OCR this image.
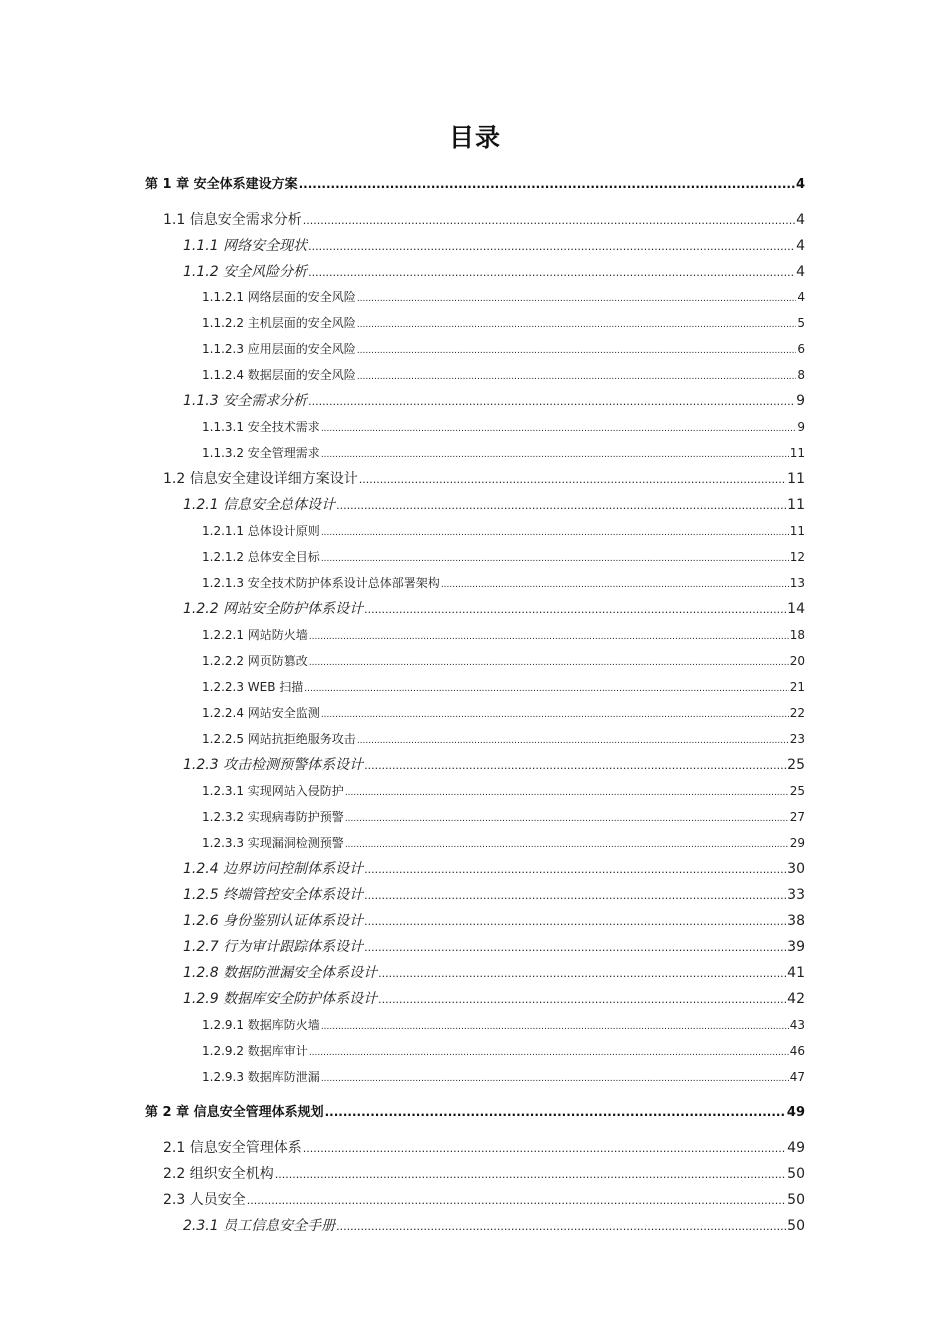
目录
第 1 章 安全体系建设方案 .....	4
1.1 信息安全需求分析 .....	4
1.1.1 网络安全现状 .....	4
1.1.2 安全风险分析 .....	4
1.1.2.1 网络层面的安全风险 .....	4
1.1.2.2 主机层面的安全风险 .....	5
1.1.2.3 应用层面的安全风险 .....	6
1.1.2.4 数据层面的安全风险 .....	8
1.1.3 安全需求分析 .....	9
1.1.3.1 安全技术需求 .....	9
1.1.3.2 安全管理需求 .....	11
1.2 信息安全建设详细方案设计 .....	11
1.2.1 信息安全总体设计 .....	11
1.2.1.1 总体设计原则 .....	11
1.2.1.2 总体安全目标 .....	12
1.2.1.3 安全技术防护体系设计总体部署架构 .....	13
1.2.2 网站安全防护体系设计 .....	14
1.2.2.1 网站防火墙 .....	18
1.2.2.2 网页防篡改 .....	20
1.2.2.3 WEB 扫描 .....	21
1.2.2.4 网站安全监测 .....	22
1.2.2.5 网站抗拒绝服务攻击 .....	23
1.2.3 攻击检测预警体系设计 .....	25
1.2.3.1 实现网站入侵防护 .....	25
1.2.3.2 实现病毒防护预警 .....	27
1.2.3.3 实现漏洞检测预警 .....	29
1.2.4 边界访问控制体系设计 .....	30
1.2.5 终端管控安全体系设计 .....	33
1.2.6 身份鉴别认证体系设计 .....	38
1.2.7 行为审计跟踪体系设计 .....	39
1.2.8 数据防泄漏安全体系设计 .....	41
1.2.9 数据库安全防护体系设计 .....	42
1.2.9.1 数据库防火墙 .....	43
1.2.9.2 数据库审计 .....	46
1.2.9.3 数据库防泄漏 .....	47
第 2 章 信息安全管理体系规划 .....	49
2.1 信息安全管理体系 .....	49
2.2 组织安全机构 .....	50
2.3 人员安全 .....	50
2.3.1 员工信息安全手册 .....	50
